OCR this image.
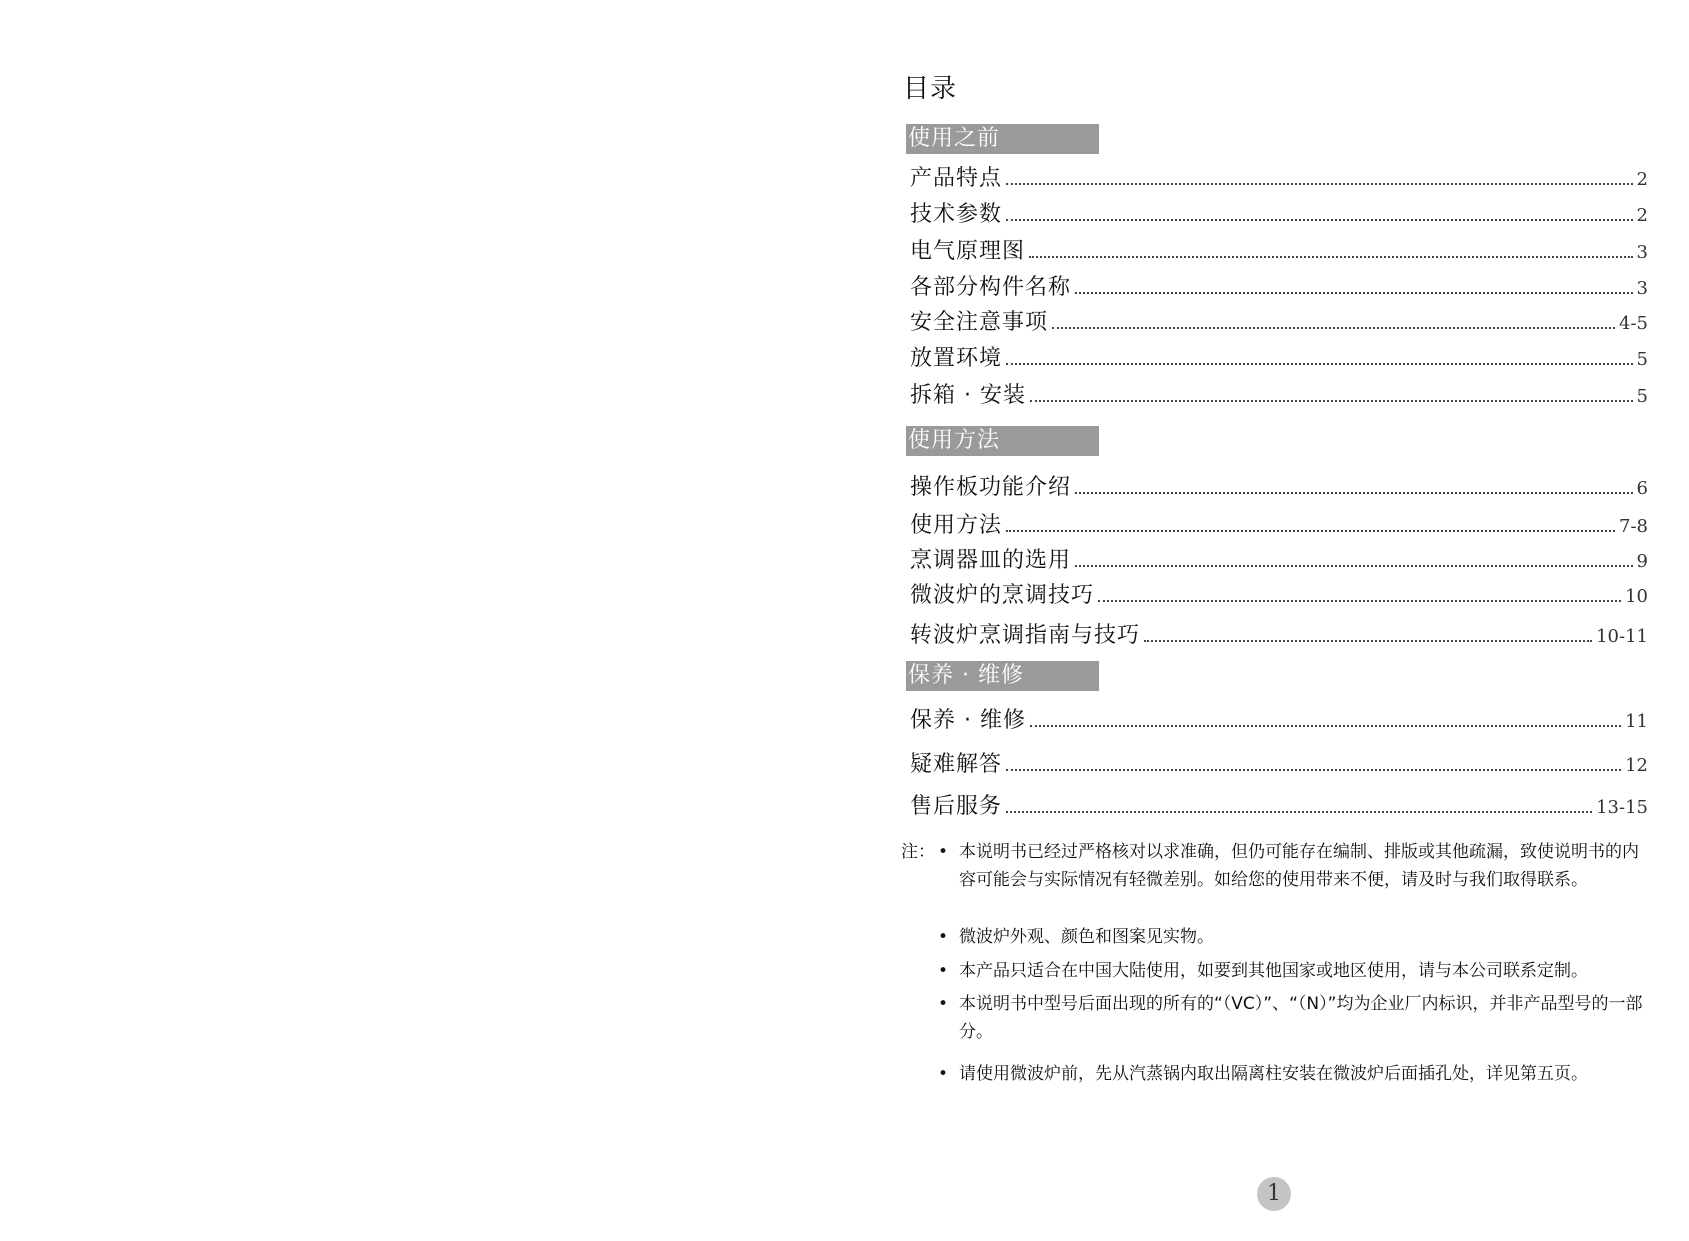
目录
使用之前
产品特点	2
技术参数	2
电气原理图	3
各部分构件名称	3
安全注意事项	4-5
放置环境	5
拆箱 · 安装	5
使用方法
操作板功能介绍	6
使用方法	7-8
烹调器皿的选用	9
微波炉的烹调技巧	10
转波炉烹调指南与技巧	10-11
保养 · 维修
保养 · 维修	11
疑难解答	12
售后服务	13-15
注： • 本说明书已经过严格核对以求准确，但仍可能存在编制、排版或其他疏漏，致使说明书的内容可能会与实际情况有轻微差别。如给您的使用带来不便，请及时与我们取得联系。
• 微波炉外观、颜色和图案见实物。
• 本产品只适合在中国大陆使用，如要到其他国家或地区使用，请与本公司联系定制。
• 本说明书中型号后面出现的所有的“（VC）”、“（N）”均为企业厂内标识，并非产品型号的一部分。
• 请使用微波炉前，先从汽蒸锅内取出隔离柱安装在微波炉后面插孔处，详见第五页。
1
